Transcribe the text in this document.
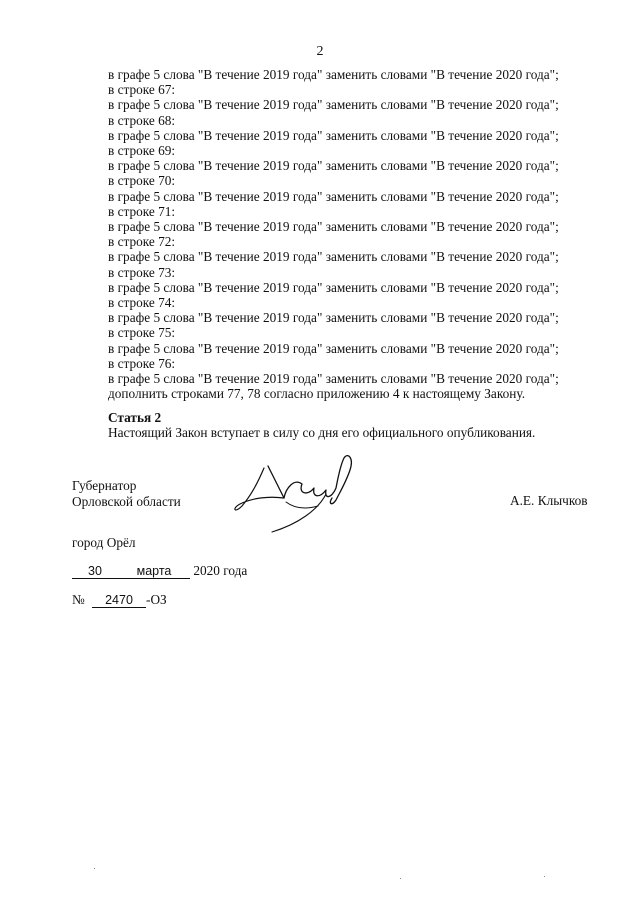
2
в графе 5 слова "В течение 2019 года" заменить словами "В течение 2020 года";
в строке 67:
в графе 5 слова "В течение 2019 года" заменить словами "В течение 2020 года";
в строке 68:
в графе 5 слова "В течение 2019 года" заменить словами "В течение 2020 года";
в строке 69:
в графе 5 слова "В течение 2019 года" заменить словами "В течение 2020 года";
в строке 70:
в графе 5 слова "В течение 2019 года" заменить словами "В течение 2020 года";
в строке 71:
в графе 5 слова "В течение 2019 года" заменить словами "В течение 2020 года";
в строке 72:
в графе 5 слова "В течение 2019 года" заменить словами "В течение 2020 года";
в строке 73:
в графе 5 слова "В течение 2019 года" заменить словами "В течение 2020 года";
в строке 74:
в графе 5 слова "В течение 2019 года" заменить словами "В течение 2020 года";
в строке 75:
в графе 5 слова "В течение 2019 года" заменить словами "В течение 2020 года";
в строке 76:
в графе 5 слова "В течение 2019 года" заменить словами "В течение 2020 года";
дополнить строками 77, 78 согласно приложению 4 к настоящему Закону.
Статья 2
Настоящий Закон вступает в силу со дня его официального опубликования.
Губернатор
Орловской области	А.Е. Клычков
город Орёл
30	марта 2020 года
№ 2470 -ОЗ
